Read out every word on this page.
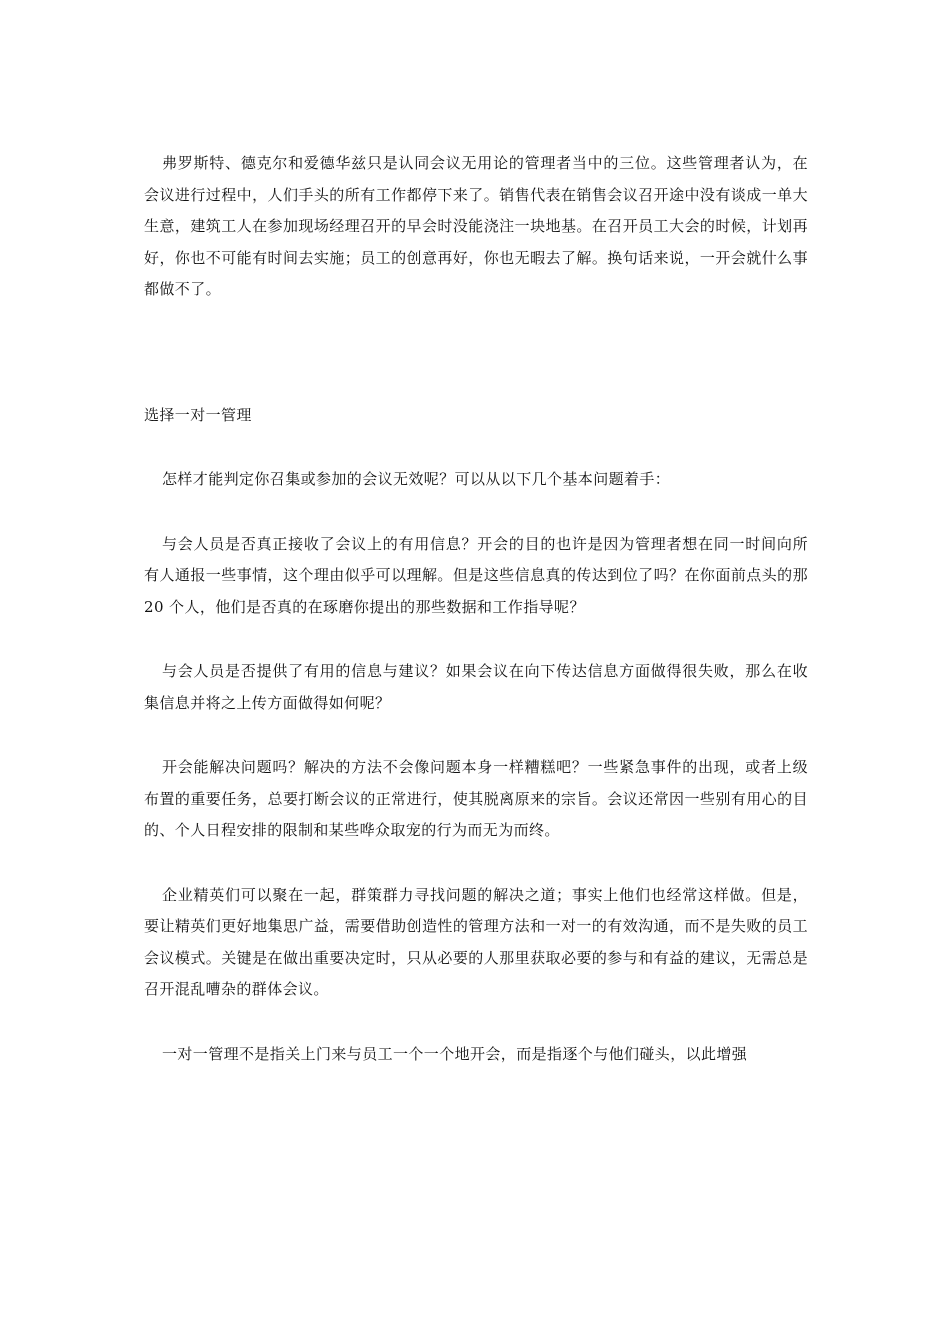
弗罗斯特、德克尔和爱德华兹只是认同会议无用论的管理者当中的三位。这些管理者认为，在会议进行过程中，人们手头的所有工作都停下来了。销售代表在销售会议召开途中没有谈成一单大生意，建筑工人在参加现场经理召开的早会时没能浇注一块地基。在召开员工大会的时候，计划再好，你也不可能有时间去实施；员工的创意再好，你也无暇去了解。换句话来说，一开会就什么事都做不了。

选择一对一管理

怎样才能判定你召集或参加的会议无效呢？可以从以下几个基本问题着手：

与会人员是否真正接收了会议上的有用信息？开会的目的也许是因为管理者想在同一时间向所有人通报一些事情，这个理由似乎可以理解。但是这些信息真的传达到位了吗？在你面前点头的那 20 个人，他们是否真的在琢磨你提出的那些数据和工作指导呢？

与会人员是否提供了有用的信息与建议？如果会议在向下传达信息方面做得很失败，那么在收集信息并将之上传方面做得如何呢？

开会能解决问题吗？解决的方法不会像问题本身一样糟糕吧？一些紧急事件的出现，或者上级布置的重要任务，总要打断会议的正常进行，使其脱离原来的宗旨。会议还常因一些别有用心的目的、个人日程安排的限制和某些哗众取宠的行为而无为而终。

企业精英们可以聚在一起，群策群力寻找问题的解决之道；事实上他们也经常这样做。但是，要让精英们更好地集思广益，需要借助创造性的管理方法和一对一的有效沟通，而不是失败的员工会议模式。关键是在做出重要决定时，只从必要的人那里获取必要的参与和有益的建议，无需总是召开混乱嘈杂的群体会议。

一对一管理不是指关上门来与员工一个一个地开会，而是指逐个与他们碰头，以此增强
